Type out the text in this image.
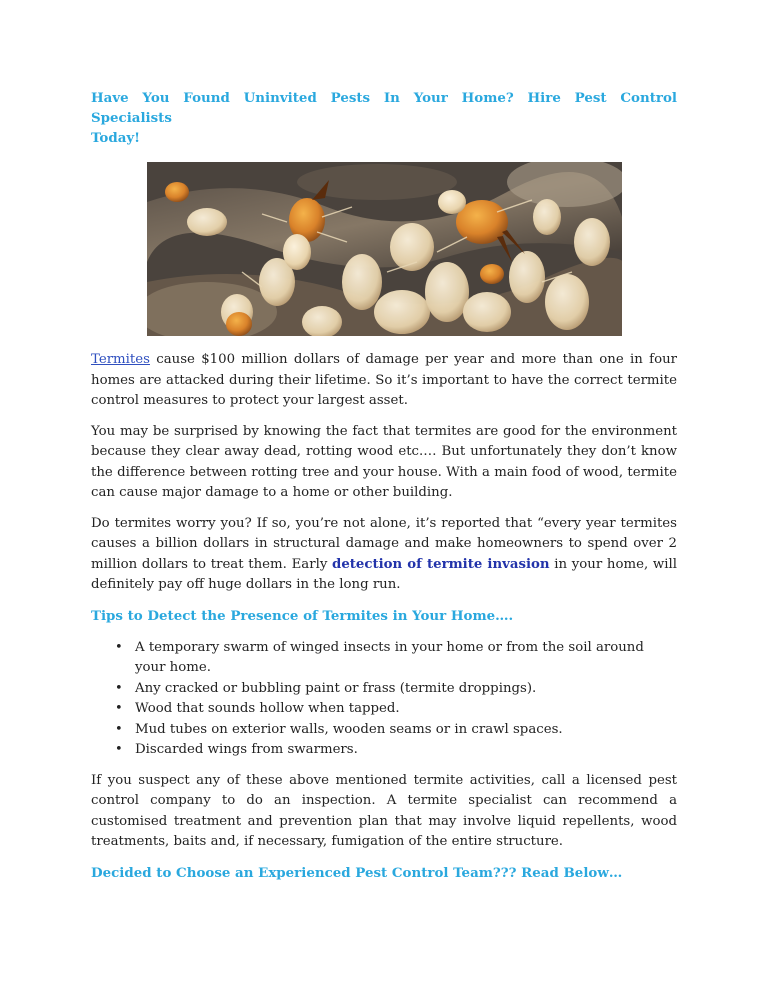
Have You Found Uninvited Pests In Your Home? Hire Pest Control Specialists
Today!

Termites cause $100 million dollars of damage per year and more than one in four homes are attacked during their lifetime. So it’s important to have the correct termite control measures to protect your largest asset.

You may be surprised by knowing the fact that termites are good for the environment because they clear away dead, rotting wood etc.… But unfortunately they don’t know the difference between rotting tree and your house. With a main food of wood, termite can cause major damage to a home or other building.

Do termites worry you? If so, you’re not alone, it’s reported that “every year termites causes a billion dollars in structural damage and make homeowners to spend over 2 million dollars to treat them. Early detection of termite invasion in your home, will definitely pay off huge dollars in the long run.

Tips to Detect the Presence of Termites in Your Home….
• A temporary swarm of winged insects in your home or from the soil around your home.
• Any cracked or bubbling paint or frass (termite droppings).
• Wood that sounds hollow when tapped.
• Mud tubes on exterior walls, wooden seams or in crawl spaces.
• Discarded wings from swarmers.

If you suspect any of these above mentioned termite activities, call a licensed pest control company to do an inspection. A termite specialist can recommend a customised treatment and prevention plan that may involve liquid repellents, wood treatments, baits and, if necessary, fumigation of the entire structure.

Decided to Choose an Experienced Pest Control Team??? Read Below…
